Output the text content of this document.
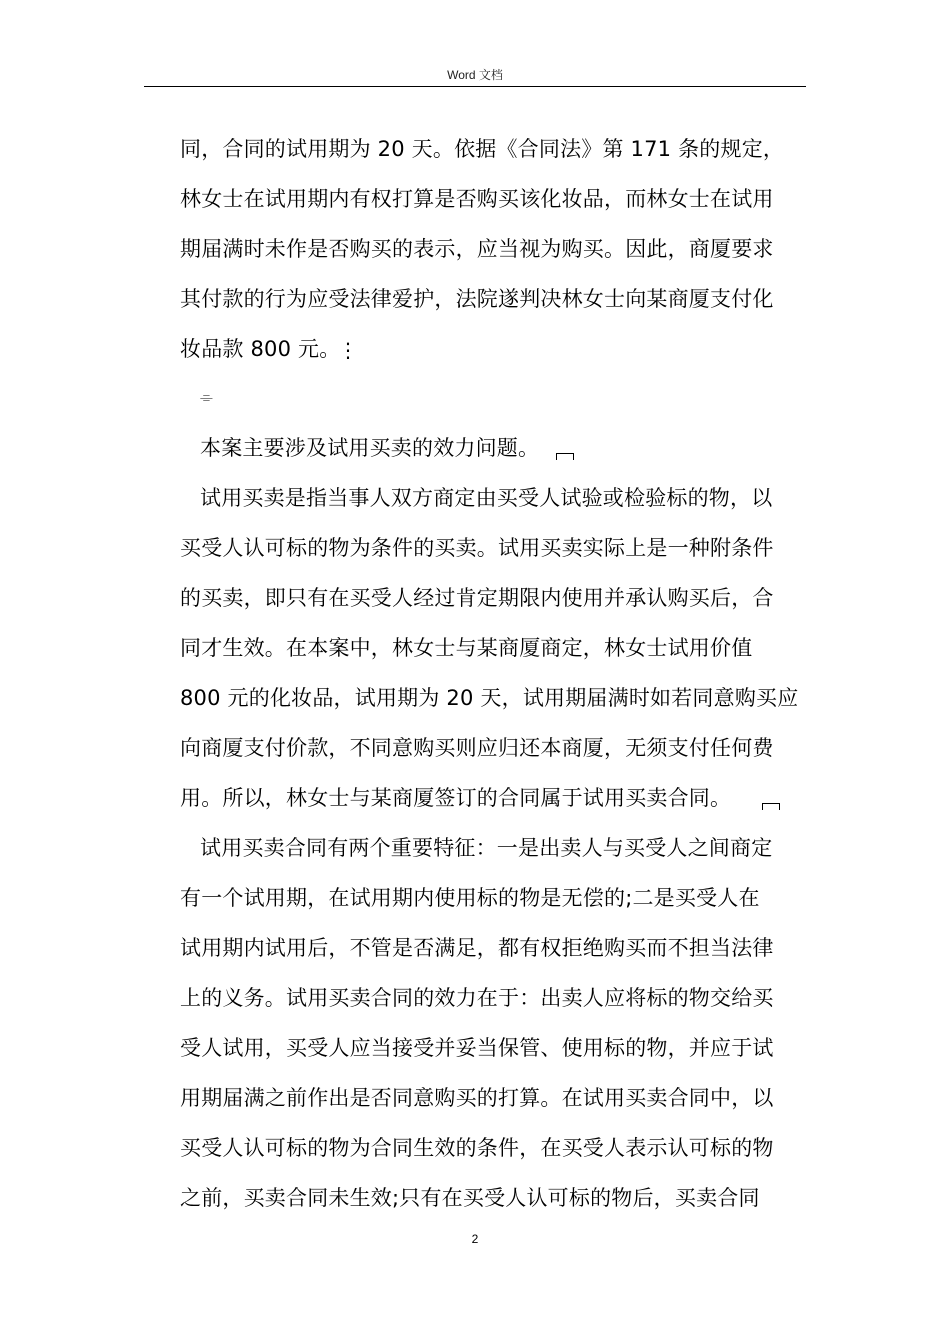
Word 文档
同，合同的试用期为 20 天。依据《合同法》第 171 条的规定，
林女士在试用期内有权打算是否购买该化妆品，而林女士在试用
期届满时未作是否购买的表示，应当视为购买。因此，商厦要求
其付款的行为应受法律爱护，法院遂判决林女士向某商厦支付化
妆品款 800 元。
⋮
⌯
本案主要涉及试用买卖的效力问题。
试用买卖是指当事人双方商定由买受人试验或检验标的物，以
买受人认可标的物为条件的买卖。试用买卖实际上是一种附条件
的买卖，即只有在买受人经过肯定期限内使用并承认购买后，合
同才生效。在本案中，林女士与某商厦商定，林女士试用价值
800 元的化妆品，试用期为 20 天，试用期届满时如若同意购买应
向商厦支付价款，不同意购买则应归还本商厦，无须支付任何费
用。所以，林女士与某商厦签订的合同属于试用买卖合同。
试用买卖合同有两个重要特征：一是出卖人与买受人之间商定
有一个试用期，在试用期内使用标的物是无偿的;二是买受人在
试用期内试用后，不管是否满足，都有权拒绝购买而不担当法律
上的义务。试用买卖合同的效力在于：出卖人应将标的物交给买
受人试用，买受人应当接受并妥当保管、使用标的物，并应于试
用期届满之前作出是否同意购买的打算。在试用买卖合同中，以
买受人认可标的物为合同生效的条件，在买受人表示认可标的物
之前，买卖合同未生效;只有在买受人认可标的物后，买卖合同
2
